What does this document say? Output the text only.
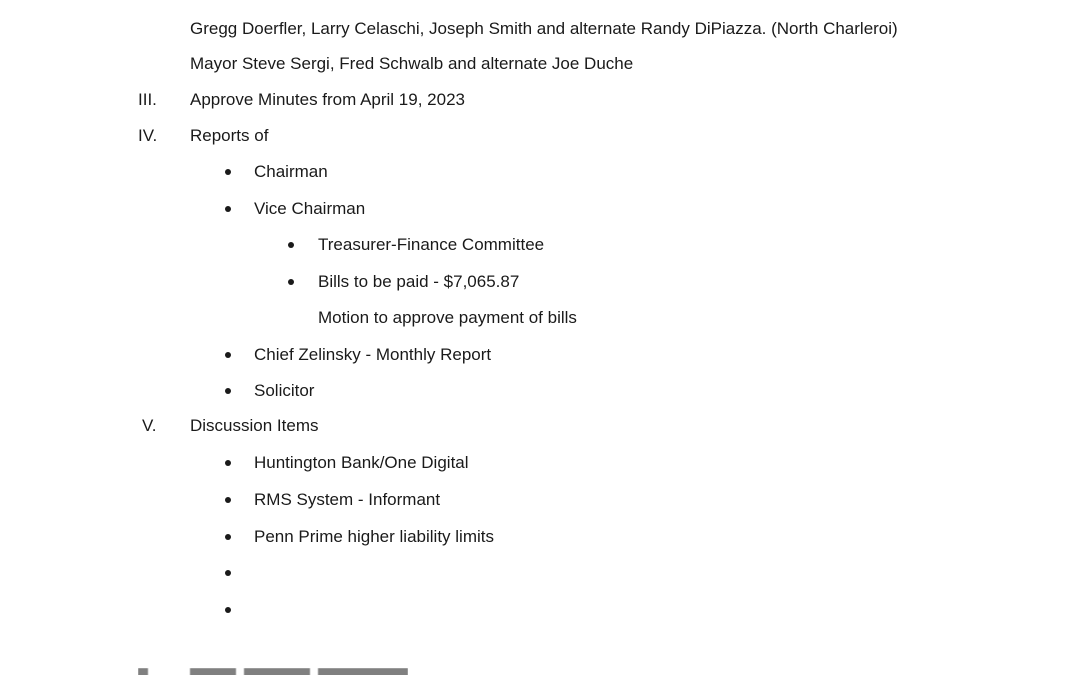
Gregg Doerfler, Larry Celaschi, Joseph Smith and alternate Randy DiPiazza. (North Charleroi)
Mayor Steve Sergi, Fred Schwalb and alternate Joe Duche
III. Approve Minutes from April 19, 2023
IV. Reports of
Chairman
Vice Chairman
Treasurer-Finance Committee
Bills to be paid - $7,065.87
Motion to approve payment of bills
Chief Zelinsky - Monthly Report
Solicitor
V. Discussion Items
Huntington Bank/One Digital
RMS System - Informant
Penn Prime higher liability limits
